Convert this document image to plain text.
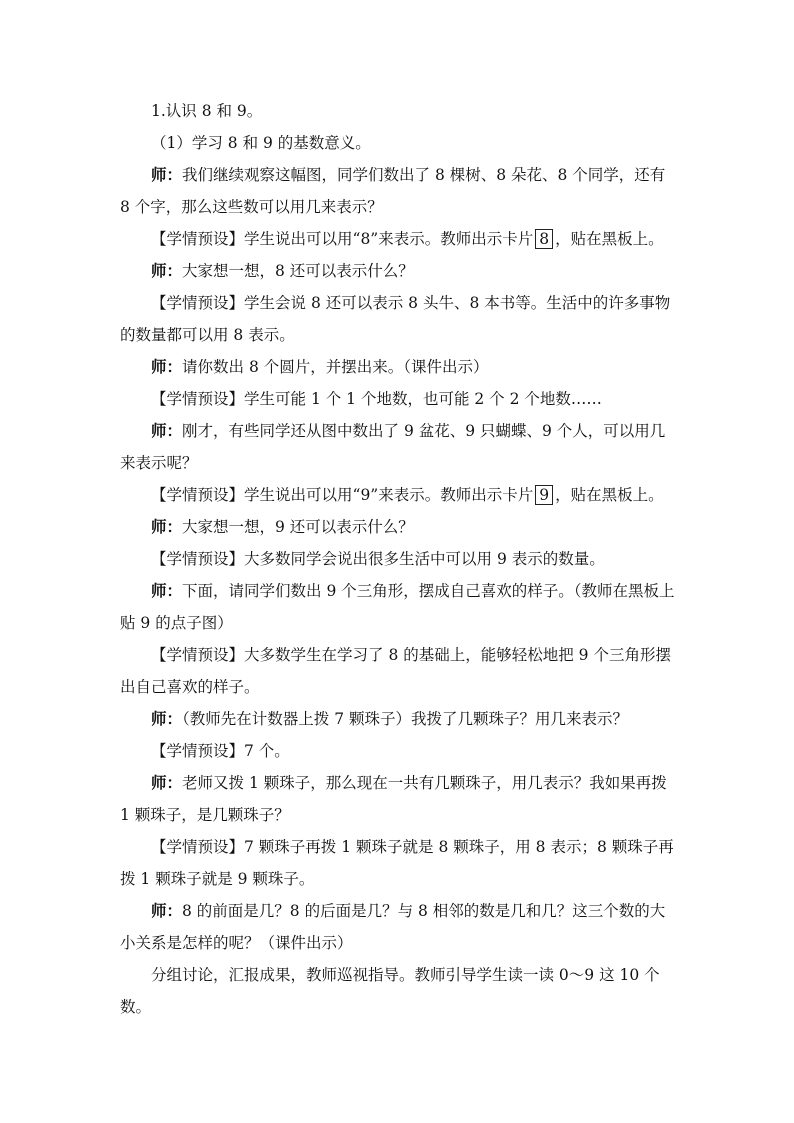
1.认识 8 和 9。

（1）学习 8 和 9 的基数意义。

师：我们继续观察这幅图，同学们数出了 8 棵树、8 朵花、8 个同学，还有 8 个字，那么这些数可以用几来表示？

【学情预设】学生说出可以用“8”来表示。教师出示卡片 8 ，贴在黑板上。

师：大家想一想，8 还可以表示什么？

【学情预设】学生会说 8 还可以表示 8 头牛、8 本书等。生活中的许多事物的数量都可以用 8 表示。

师：请你数出 8 个圆片，并摆出来。（课件出示）

【学情预设】学生可能 1 个 1 个地数，也可能 2 个 2 个地数……

师：刚才，有些同学还从图中数出了 9 盆花、9 只蝴蝶、9 个人，可以用几来表示呢？

【学情预设】学生说出可以用“9”来表示。教师出示卡片 9 ，贴在黑板上。

师：大家想一想，9 还可以表示什么？

【学情预设】大多数同学会说出很多生活中可以用 9 表示的数量。

师：下面，请同学们数出 9 个三角形，摆成自己喜欢的样子。（教师在黑板上贴 9 的点子图）

【学情预设】大多数学生在学习了 8 的基础上，能够轻松地把 9 个三角形摆出自己喜欢的样子。

师：（教师先在计数器上拨 7 颗珠子）我拨了几颗珠子？用几来表示？

【学情预设】7 个。

师：老师又拨 1 颗珠子，那么现在一共有几颗珠子，用几表示？我如果再拨 1 颗珠子，是几颗珠子？

【学情预设】7 颗珠子再拨 1 颗珠子就是 8 颗珠子，用 8 表示；8 颗珠子再拨 1 颗珠子就是 9 颗珠子。

师：8 的前面是几？8 的后面是几？与 8 相邻的数是几和几？这三个数的大小关系是怎样的呢？（课件出示）

分组讨论，汇报成果，教师巡视指导。教师引导学生读一读 0～9 这 10 个数。
